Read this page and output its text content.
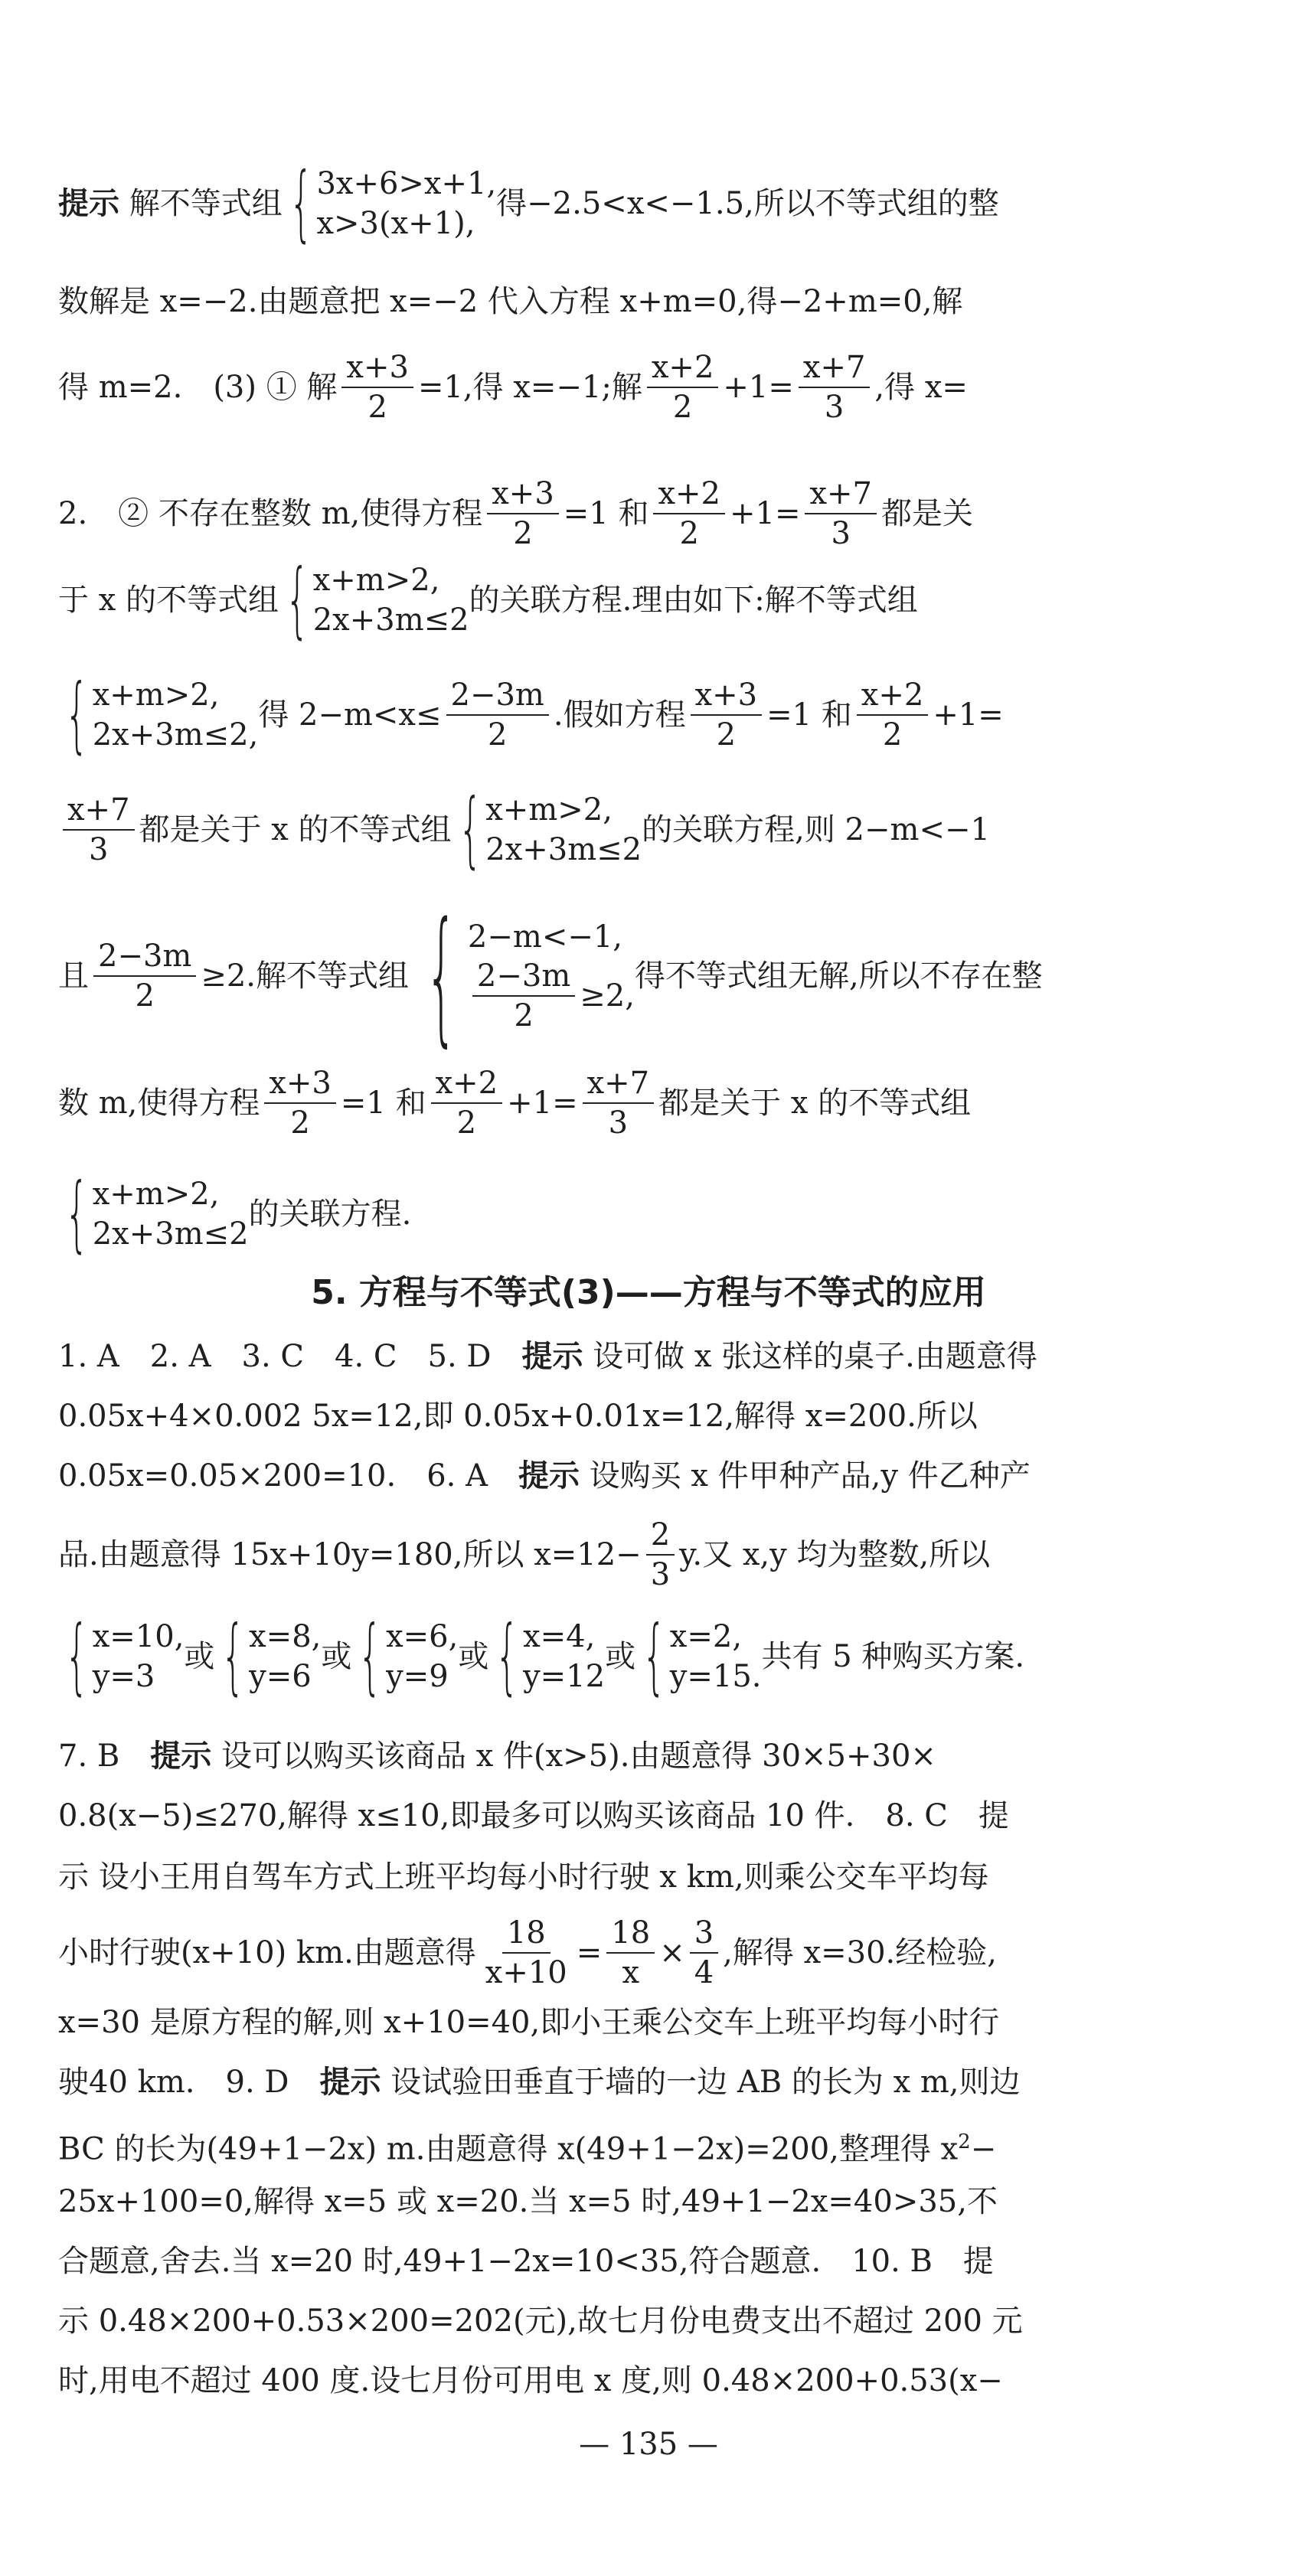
提示
解不等式组 { 3x+6>x+1,
x>3(x+1),
得−2.5<x<−1.5,所以不等式组的整
数解是 x=−2.由题意把 x=−2 代入方程 x+m=0,得−2+m=0,解
得 m=2.　(3) ① 解 $\frac{x+3}{2} =1$,得 x=−1;解
x+2
2
$+1= \frac{x+7}{3}$ ,得 x=
2.　② 不存在整数 m,使得方程 $\frac{x+3}{2} =1$ 和
x+2
2
$+1= \frac{x+7}{3}$ 都是关
于 x 的不等式组 { x+m>2,
2x+3m≤2
的关联方程.理由如下:解不等式组
{ x+m>2,
2x+3m≤2,
得 $2-m<x\le \frac{2-3m}{2}$ .假如方程 $\frac{x+3}{2} =1$ 和
x+2
2
+1=
x+7
3
都是关于 x 的不等式组 { x+m>2,
2x+3m≤2
的关联方程,则 2−m<−1
且 $\frac{2-3m}{2} \ge 2$.解不等式组 { 2−m<−1,
$\frac{2-3m}{2} \ge 2$,
得不等式组无解,所以不存在整
数 m,使得方程 $\frac{x+3}{2} =1$ 和
x+2
2
$+1= \frac{x+7}{3}$ 都是关于 x 的不等式组
{ x+m>2,
2x+3m≤2
的关联方程.
5. 方程与不等式(3)——方程与不等式的应用
1. A　2. A　3. C　4. C　5. D　提示 设可做 x 张这样的桌子.由题意得
0.05x+4×0.002 5x=12,即 0.05x+0.01x=12,解得 x=200.所以
0.05x=0.05×200=10.　6. A　提示 设购买 x 件甲种产品,y 件乙种产
品.由题意得 15x+10y=180,所以 $x=12- \frac{2}{3} y$.又 x,y 均为整数,所以
{ x=10,
y=3
或 { x=8,
y=6
或 { x=6,
y=9
或 { x=4,
y=12
或 { x=2,
y=15.
共有 5 种购买方案.
7. B　提示 设可以购买该商品 x 件(x>5).由题意得 30×5+30×
0.8(x−5)≤270,解得 x≤10,即最多可以购买该商品 10 件.　8. C　提
示 设小王用自驾车方式上班平均每小时行驶 x km,则乘公交车平均每
小时行驶(x+10) km.由题意得 $\frac{18}{x+10} = \frac{18}{x} \times \frac{3}{4}$ ,解得 x=30.经检验,
x=30 是原方程的解,则 x+10=40,即小王乘公交车上班平均每小时行
驶40 km.　9. D　提示 设试验田垂直于墙的一边 AB 的长为 x m,则边
BC 的长为(49+1−2x) m.由题意得 x(49+1−2x)=200,整理得 $x^2-$
25x+100=0,解得 x=5 或 x=20.当 x=5 时,49+1−2x=40>35,不
合题意,舍去.当 x=20 时,49+1−2x=10<35,符合题意.　10. B　提
示 0.48×200+0.53×200=202(元),故七月份电费支出不超过 200 元
时,用电不超过 400 度.设七月份可用电 x 度,则 0.48×200+0.53(x−
— 135 —
